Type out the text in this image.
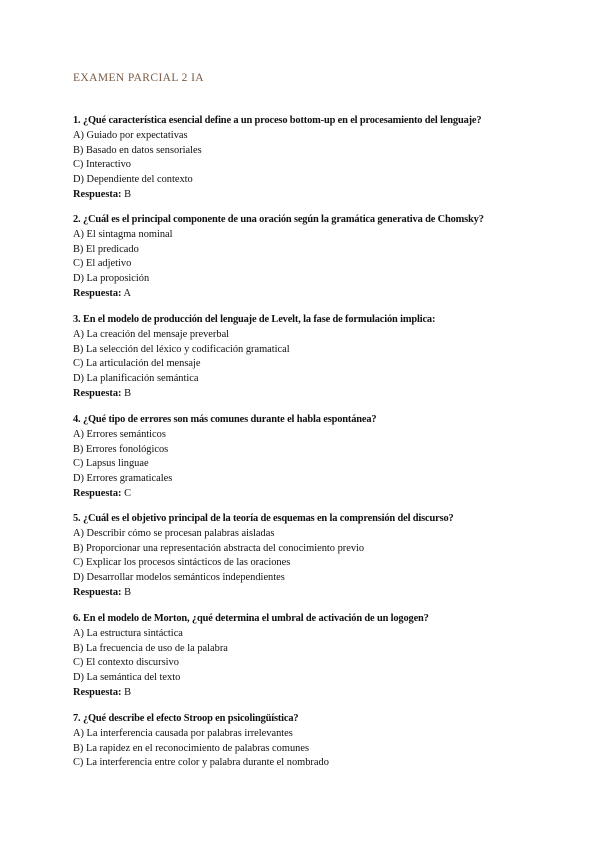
EXAMEN PARCIAL 2 IA
1. ¿Qué característica esencial define a un proceso bottom-up en el procesamiento del lenguaje?
A) Guiado por expectativas
B) Basado en datos sensoriales
C) Interactivo
D) Dependiente del contexto
Respuesta: B
2. ¿Cuál es el principal componente de una oración según la gramática generativa de Chomsky?
A) El sintagma nominal
B) El predicado
C) El adjetivo
D) La proposición
Respuesta: A
3. En el modelo de producción del lenguaje de Levelt, la fase de formulación implica:
A) La creación del mensaje preverbal
B) La selección del léxico y codificación gramatical
C) La articulación del mensaje
D) La planificación semántica
Respuesta: B
4. ¿Qué tipo de errores son más comunes durante el habla espontánea?
A) Errores semánticos
B) Errores fonológicos
C) Lapsus linguae
D) Errores gramaticales
Respuesta: C
5. ¿Cuál es el objetivo principal de la teoría de esquemas en la comprensión del discurso?
A) Describir cómo se procesan palabras aisladas
B) Proporcionar una representación abstracta del conocimiento previo
C) Explicar los procesos sintácticos de las oraciones
D) Desarrollar modelos semánticos independientes
Respuesta: B
6. En el modelo de Morton, ¿qué determina el umbral de activación de un logogen?
A) La estructura sintáctica
B) La frecuencia de uso de la palabra
C) El contexto discursivo
D) La semántica del texto
Respuesta: B
7. ¿Qué describe el efecto Stroop en psicolingüística?
A) La interferencia causada por palabras irrelevantes
B) La rapidez en el reconocimiento de palabras comunes
C) La interferencia entre color y palabra durante el nombrado
